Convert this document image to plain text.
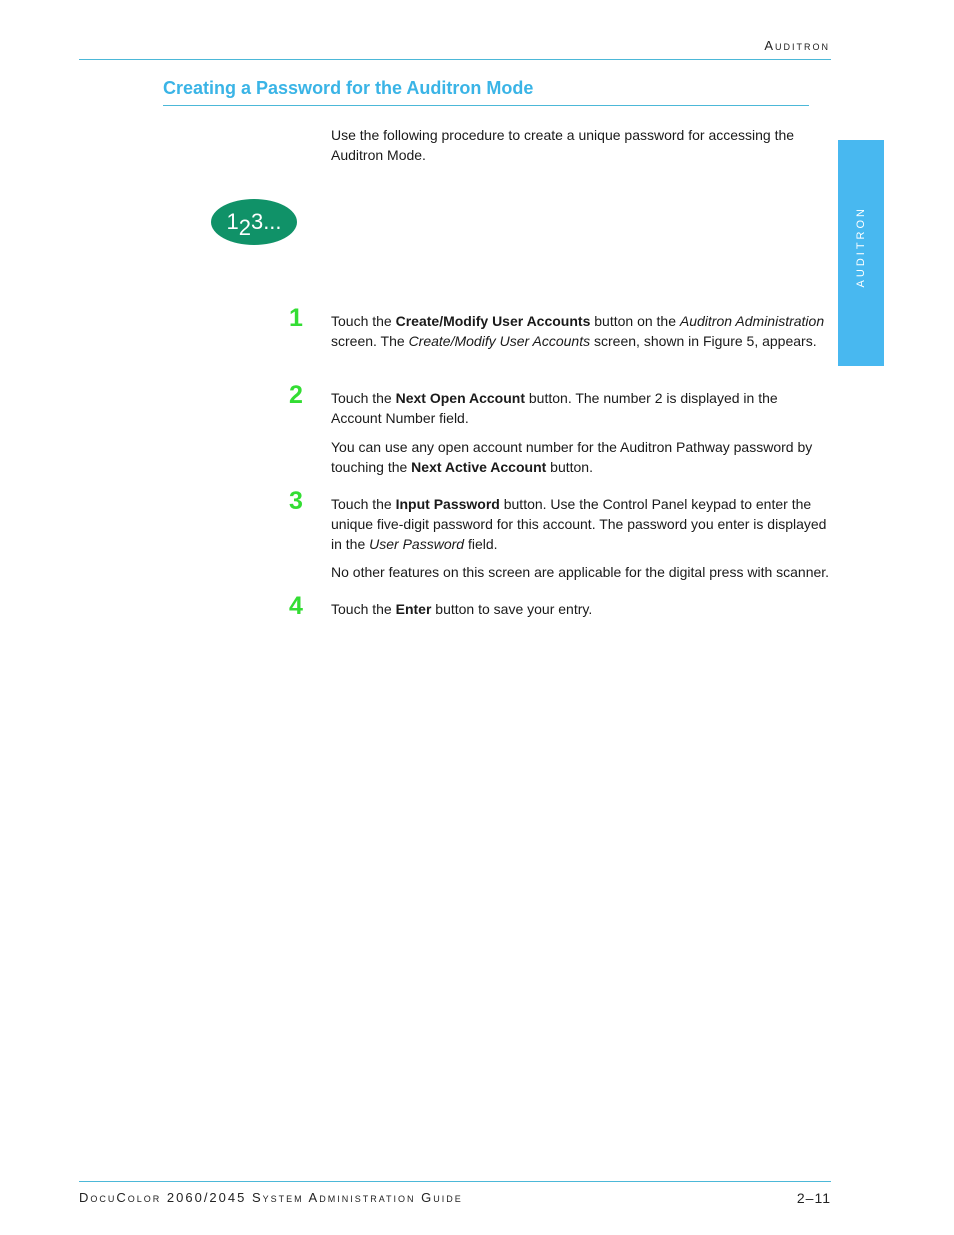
Auditron
Creating a Password for the Auditron Mode
AUDITRON
Use the following procedure to create a unique password for accessing the Auditron Mode.
1 2 3...
1	Touch the Create/Modify User Accounts button on the Auditron Administration screen. The Create/Modify User Accounts screen, shown in Figure 5, appears.
2	Touch the Next Open Account button. The number 2 is displayed in the Account Number field.
You can use any open account number for the Auditron Pathway password by touching the Next Active Account button.
3	Touch the Input Password button. Use the Control Panel keypad to enter the unique five-digit password for this account. The password you enter is displayed in the User Password field.
No other features on this screen are applicable for the digital press with scanner.
4	Touch the Enter button to save your entry.
DocuColor 2060/2045 System Administration Guide	2–11
